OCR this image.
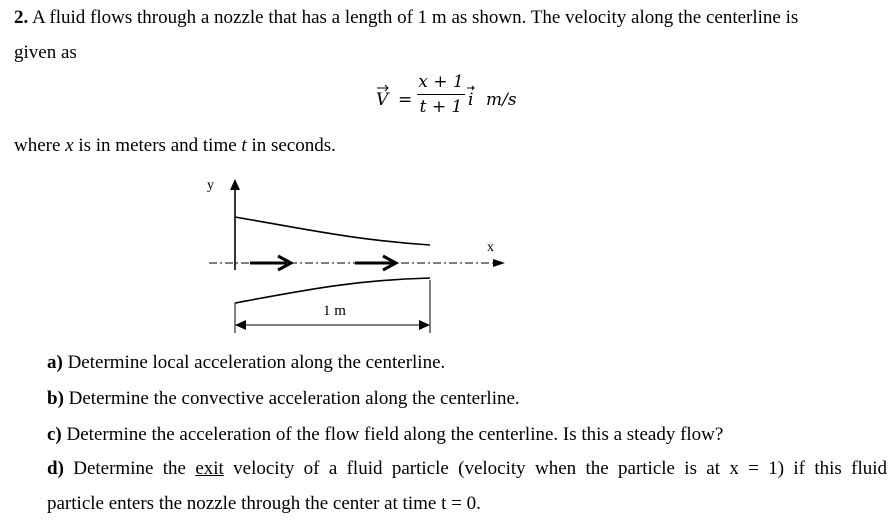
2. A fluid flows through a nozzle that has a length of 1 m as shown. The velocity along the centerline is
given as
V =
x + 1
t + 1 i m/s
where x is in meters and time t in seconds.
y
x
1 m
a) Determine local acceleration along the centerline.
b) Determine the convective acceleration along the centerline.
c) Determine the acceleration of the flow field along the centerline. Is this a steady flow?
d) Determine the exit velocity of a fluid particle (velocity when the particle is at x = 1) if this fluid
particle enters the nozzle through the center at time t = 0.
